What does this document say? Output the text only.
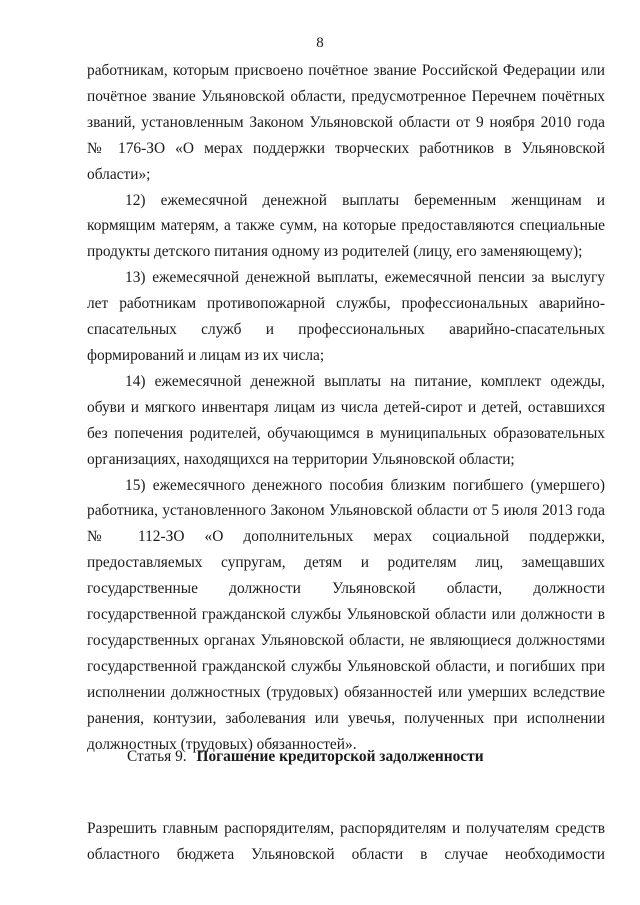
8

работникам, которым присвоено почётное звание Российской Федерации или почётное звание Ульяновской области, предусмотренное Перечнем почётных званий, установленным Законом Ульяновской области от 9 ноября 2010 года № 176-ЗО «О мерах поддержки творческих работников в Ульяновской области»;

12) ежемесячной денежной выплаты беременным женщинам и кормящим матерям, а также сумм, на которые предоставляются специальные продукты детского питания одному из родителей (лицу, его заменяющему);

13) ежемесячной денежной выплаты, ежемесячной пенсии за выслугу лет работникам противопожарной службы, профессиональных аварийно-спасательных служб и профессиональных аварийно-спасательных формирований и лицам из их числа;

14) ежемесячной денежной выплаты на питание, комплект одежды, обуви и мягкого инвентаря лицам из числа детей-сирот и детей, оставшихся без попечения родителей, обучающимся в муниципальных образовательных организациях, находящихся на территории Ульяновской области;

15) ежемесячного денежного пособия близким погибшего (умершего) работника, установленного Законом Ульяновской области от 5 июля 2013 года № 112-ЗО «О дополнительных мерах социальной поддержки, предоставляемых супругам, детям и родителям лиц, замещавших государственные должности Ульяновской области, должности государственной гражданской службы Ульяновской области или должности в государственных органах Ульяновской области, не являющиеся должностями государственной гражданской службы Ульяновской области, и погибших при исполнении должностных (трудовых) обязанностей или умерших вследствие ранения, контузии, заболевания или увечья, полученных при исполнении должностных (трудовых) обязанностей».

Статья 9. Погашение кредиторской задолженности

Разрешить главным распорядителям, распорядителям и получателям средств областного бюджета Ульяновской области в случае необходимости
